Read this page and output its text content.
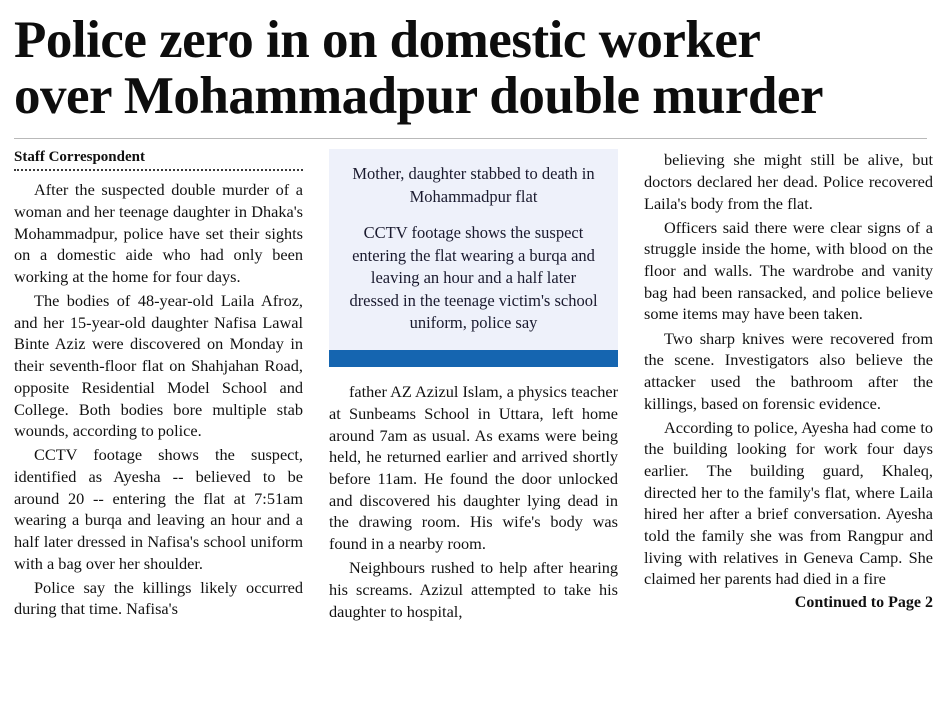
Police zero in on domestic worker
over Mohammadpur double murder
Staff Correspondent

After the suspected double murder of a woman and her teenage daughter in Dhaka's Mohammadpur, police have set their sights on a domestic aide who had only been working at the home for four days.

The bodies of 48-year-old Laila Afroz, and her 15-year-old daughter Nafisa Lawal Binte Aziz were discovered on Monday in their seventh-floor flat on Shahjahan Road, opposite Residential Model School and College. Both bodies bore multiple stab wounds, according to police.

CCTV footage shows the suspect, identified as Ayesha -- believed to be around 20 -- entering the flat at 7:51am wearing a burqa and leaving an hour and a half later dressed in Nafisa's school uniform with a bag over her shoulder.

Police say the killings likely occurred during that time. Nafisa's

Mother, daughter stabbed to death in Mohammadpur flat

CCTV footage shows the suspect entering the flat wearing a burqa and leaving an hour and a half later dressed in the teenage victim's school uniform, police say

father AZ Azizul Islam, a physics teacher at Sunbeams School in Uttara, left home around 7am as usual. As exams were being held, he returned earlier and arrived shortly before 11am. He found the door unlocked and discovered his daughter lying dead in the drawing room. His wife's body was found in a nearby room.

Neighbours rushed to help after hearing his screams. Azizul attempted to take his daughter to hospital,

believing she might still be alive, but doctors declared her dead. Police recovered Laila's body from the flat.

Officers said there were clear signs of a struggle inside the home, with blood on the floor and walls. The wardrobe and vanity bag had been ransacked, and police believe some items may have been taken.

Two sharp knives were recovered from the scene. Investigators also believe the attacker used the bathroom after the killings, based on forensic evidence.

According to police, Ayesha had come to the building looking for work four days earlier. The building guard, Khaleq, directed her to the family's flat, where Laila hired her after a brief conversation. Ayesha told the family she was from Rangpur and living with relatives in Geneva Camp. She claimed her parents had died in a fire

Continued to Page 2
